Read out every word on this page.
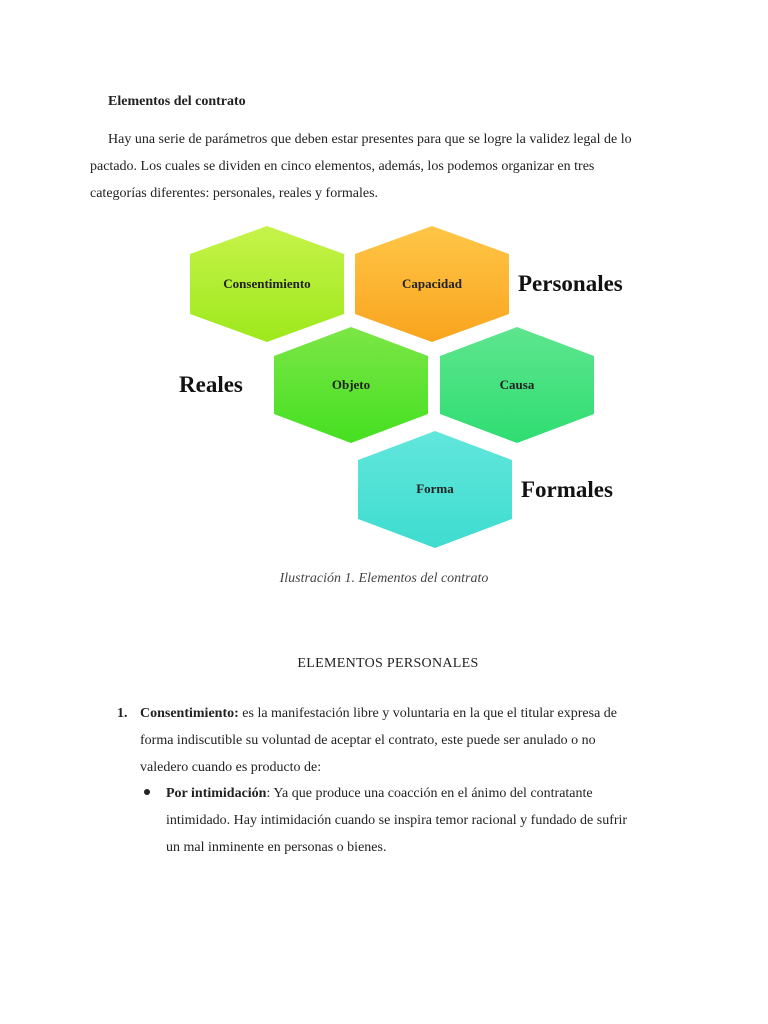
Elementos del contrato

Hay una serie de parámetros que deben estar presentes para que se logre la validez legal de lo
pactado. Los cuales se dividen en cinco elementos, además, los podemos organizar en tres
categorías diferentes: personales, reales y formales.

Consentimiento	Capacidad
Objeto	Causa
Forma
Personales
Reales
Formales
Ilustración 1. Elementos del contrato
ELEMENTOS PERSONALES
1. Consentimiento: es la manifestación libre y voluntaria en la que el titular expresa de
forma indiscutible su voluntad de aceptar el contrato, este puede ser anulado o no
valedero cuando es producto de:
Por intimidación: Ya que produce una coacción en el ánimo del contratante
intimidado. Hay intimidación cuando se inspira temor racional y fundado de sufrir
un mal inminente en personas o bienes.
